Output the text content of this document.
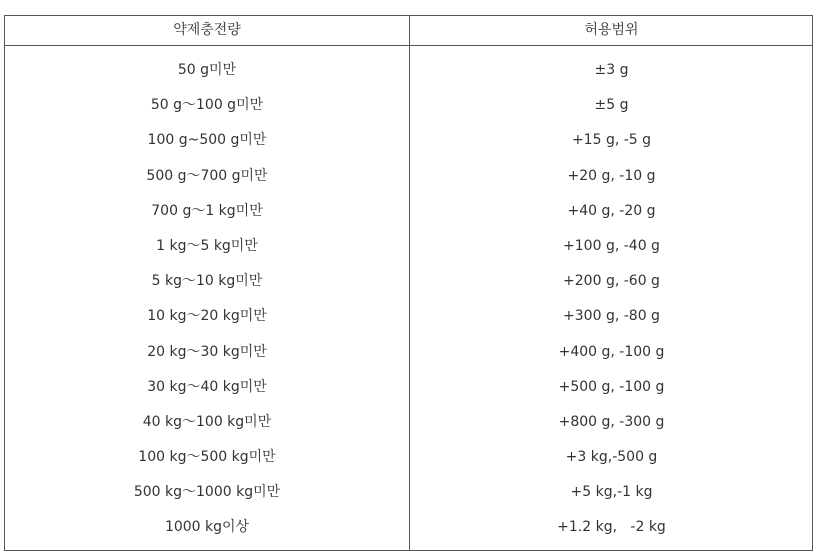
약제충전량	허용범위
50 g미만	±3 g
50 g～100 g미만	±5 g
100 g~500 g미만	+15 g, -5 g
500 g～700 g미만	+20 g, -10 g
700 g～1 kg미만	+40 g, -20 g
1 kg～5 kg미만	+100 g, -40 g
5 kg～10 kg미만	+200 g, -60 g
10 kg～20 kg미만	+300 g, -80 g
20 kg～30 kg미만	+400 g, -100 g
30 kg～40 kg미만	+500 g, -100 g
40 kg～100 kg미만	+800 g, -300 g
100 kg～500 kg미만	+3 kg,-500 g
500 kg～1000 kg미만	+5 kg,-1 kg
1000 kg이상	+1.2 kg,   -2 kg
